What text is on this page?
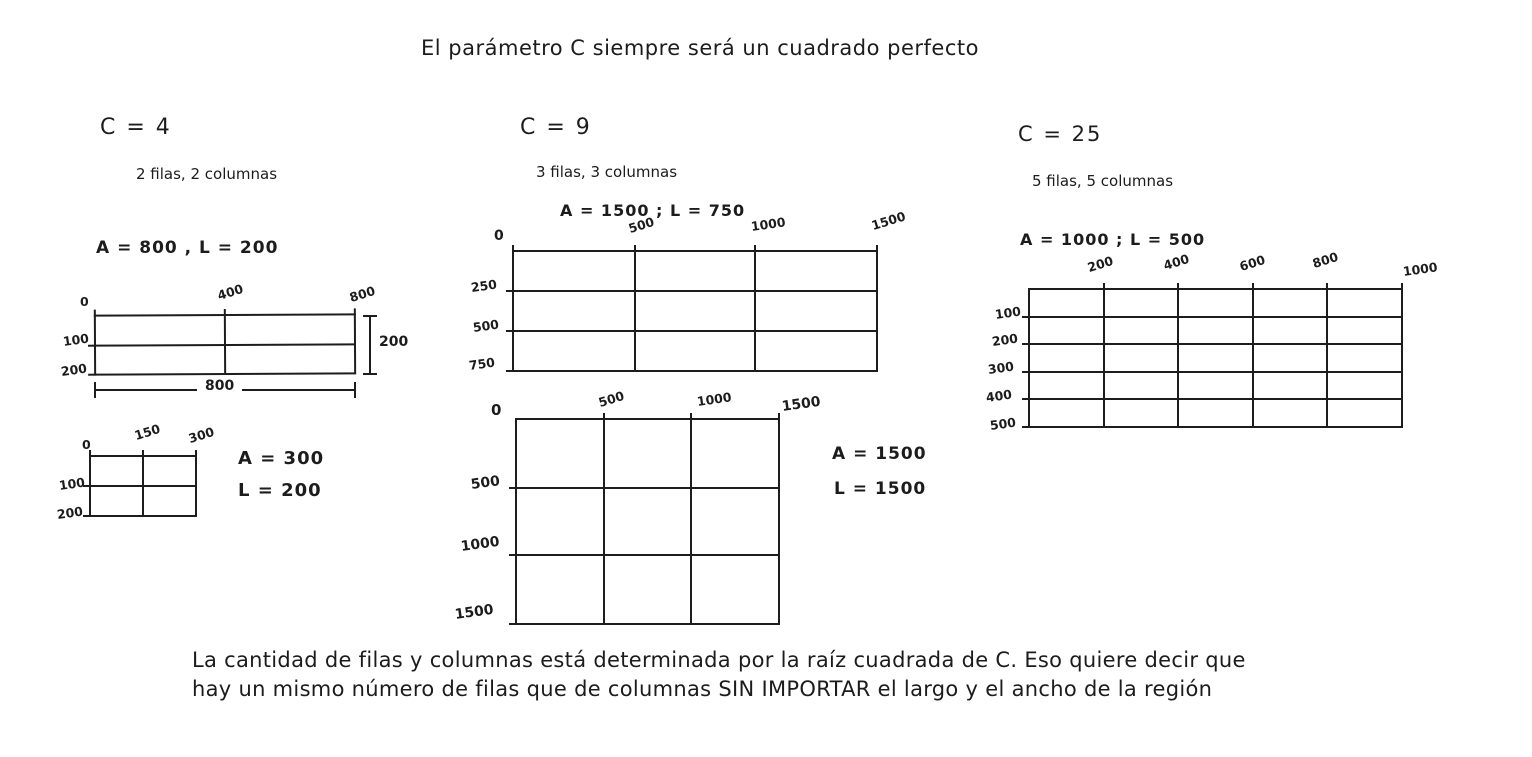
El parámetro C siempre será un cuadrado perfecto
C = 4
2 filas, 2 columnas
A = 800 , L = 200
0	400	800
100
200
200
800
0
150 300
100
200
A = 300
L = 200
C = 9
3 filas, 3 columnas
A = 1500 ; L = 750
0	500	1000	1500
250
500
750
0	500	1000	1500
500
1000
1500
A = 1500
L = 1500
C = 25
5 filas, 5 columnas
A = 1000 ; L = 500
200	400	600	800	1000
100
200
300
400
500
La cantidad de filas y columnas está determinada por la raíz cuadrada de C. Eso quiere decir que
hay un mismo número de filas que de columnas SIN IMPORTAR el largo y el ancho de la región
